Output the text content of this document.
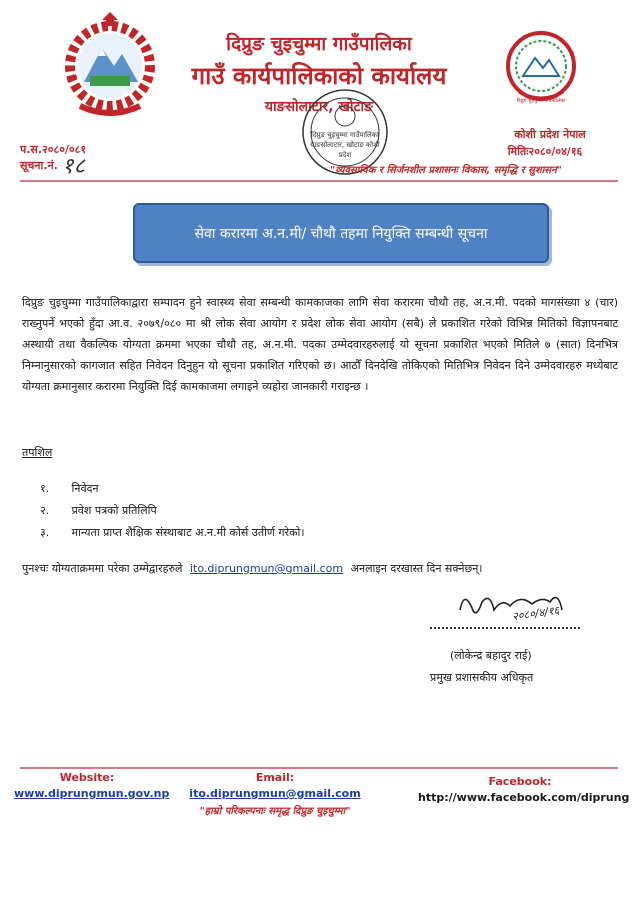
दिप्रुङ चुइचुम्मा गाउँपालिका
दिप्रुङ चुइचुम्मा गाउँपालिका
गाउँ कार्यपालिकाको कार्यालय
याङसोलाटार, खोटाङ
कोशी प्रदेश नेपाल
मितिः२०८०/०४/१६
प.स.२०८०/०८१
सूचना.नं. १८
दिप्रुङ चुइचुम्मा गाउँपालिका याङसोलाटार, खोटाङ कोशी प्रदेश
"व्यवसायिक र सिर्जनशील प्रशासनः विकास, समृद्धि र सुशासन"
सेवा करारमा अ.न.मी/ चौथौ तहमा नियुक्ति सम्बन्धी सूचना
दिप्रुङ चुइचुम्मा गाउँपालिकाद्वारा सम्पादन हुने स्वास्थ्य सेवा सम्बन्धी कामकाजका लागि सेवा करारमा चौथौ तह, अ.न.मी. पदको मागसंख्या ४ (चार) राख्नुपर्ने भएको हुँदा आ.व. २०७९/०८० मा श्री लोक सेवा आयोग र प्रदेश लोक सेवा आयोग (सबै) ले प्रकाशित गरेको विभिन्न मितिको विज्ञापनबाट अस्थायी तथा वैकल्पिक योग्यता क्रममा भएका चौथौ तह, अ.न.मी. पदका उम्मेदवारहरुलाई यो सूचना प्रकाशित भएको मितिले ७ (सात) दिनभित्र निम्नानुसारको कागजात सहित निवेदन दिनुहुन यो सूचना प्रकाशित गरिएको छ। आठौँ दिनदेखि तोकिएको मितिभित्र निवेदन दिने उम्मेदवारहरु मध्येबाट योग्यता क्रमानुसार करारमा नियुक्ति दिई कामकाजमा लगाइने व्यहोरा जानकारी गराइन्छ ।
तपशिल
१. निवेदन
२. प्रवेश पत्रको प्रतिलिपि
३. मान्यता प्राप्त शैक्षिक संस्थाबाट अ.न.मी कोर्स उतीर्ण गरेको।
पुनश्चः योग्यताक्रममा परेका उम्मेद्वारहरुले ito.diprungmun@gmail.com अनलाइन दरखास्त दिन सक्नेछन्।
२०८०/४/१६
(लोकेन्द्र बहादुर राई)
प्रमुख प्रशासकीय अधिकृत
Website:
www.diprungmun.gov.np
Email:
ito.diprungmun@gmail.com
"हाम्रो परिकल्पनाः समृद्ध दिप्रुङ चुइचुम्मा"
Facebook:
http://www.facebook.com/diprung
